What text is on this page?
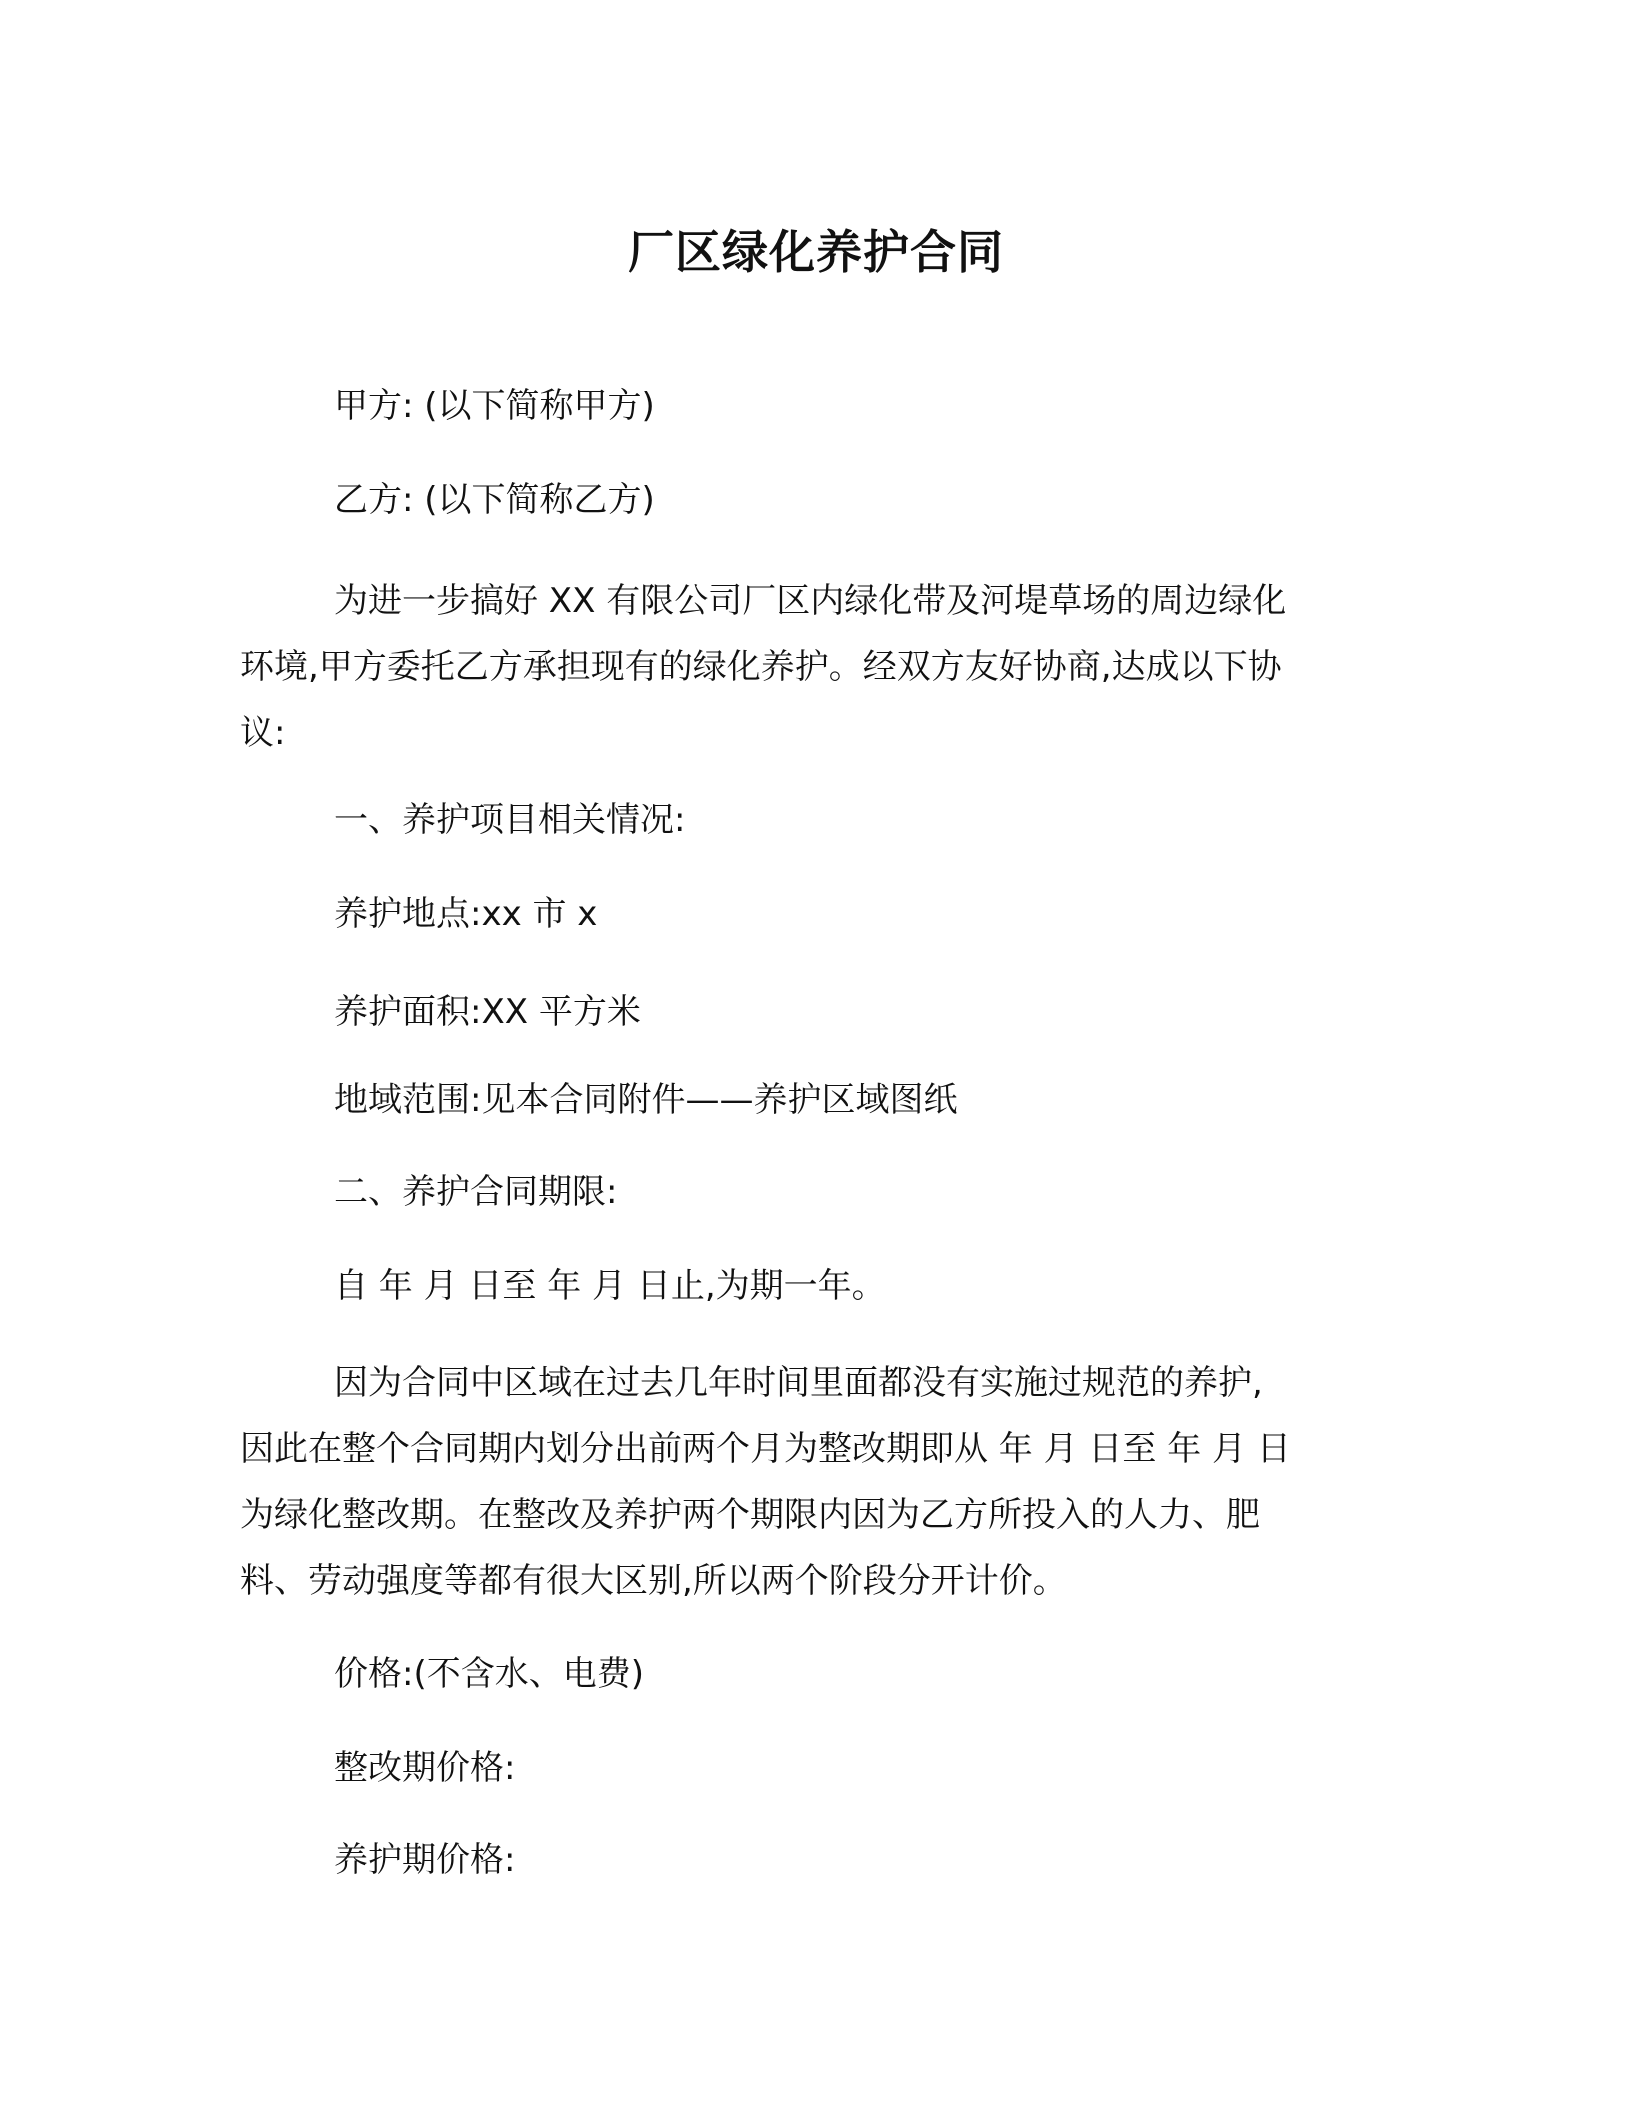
厂区绿化养护合同
甲方: (以下简称甲方)
乙方: (以下简称乙方)
为进一步搞好 XX 有限公司厂区内绿化带及河堤草场的周边绿化
环境,甲方委托乙方承担现有的绿化养护。经双方友好协商,达成以下协
议:
一、养护项目相关情况:
养护地点:xx 市 x
养护面积:XX 平方米
地域范围:见本合同附件——养护区域图纸
二、养护合同期限:
自 年 月 日至 年 月 日止,为期一年。
因为合同中区域在过去几年时间里面都没有实施过规范的养护,
因此在整个合同期内划分出前两个月为整改期即从 年 月 日至 年 月 日
为绿化整改期。在整改及养护两个期限内因为乙方所投入的人力、肥
料、劳动强度等都有很大区别,所以两个阶段分开计价。
价格:(不含水、电费)
整改期价格:
养护期价格:
